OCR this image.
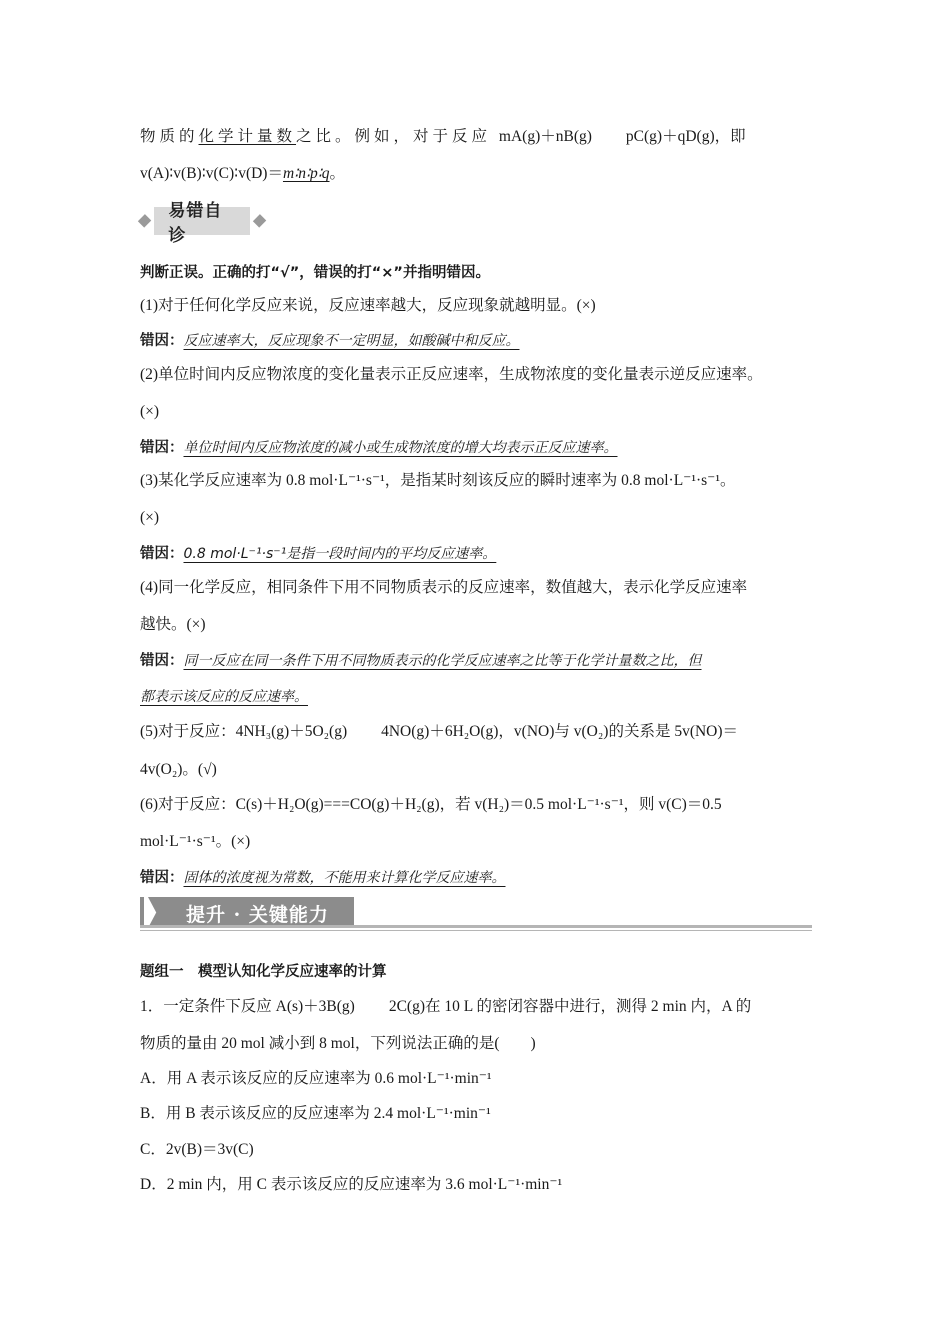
物质的化学计量数之比。例如，对于反应 mA(g)＋nB(g) pC(g)＋qD(g)，即
v(A)∶v(B)∶v(C)∶v(D)＝m∶n∶p∶q。
易错自诊
判断正误。正确的打“√”，错误的打“×”并指明错因。
(1)对于任何化学反应来说，反应速率越大，反应现象就越明显。(×)
错因：反应速率大，反应现象不一定明显，如酸碱中和反应。
(2)单位时间内反应物浓度的变化量表示正反应速率，生成物浓度的变化量表示逆反应速率。
(×)
错因：单位时间内反应物浓度的减小或生成物浓度的增大均表示正反应速率。
(3)某化学反应速率为 0.8 mol·L⁻¹·s⁻¹，是指某时刻该反应的瞬时速率为 0.8 mol·L⁻¹·s⁻¹。
(×)
错因：0.8 mol·L⁻¹·s⁻¹是指一段时间内的平均反应速率。
(4)同一化学反应，相同条件下用不同物质表示的反应速率，数值越大，表示化学反应速率
越快。(×)
错因：同一反应在同一条件下用不同物质表示的化学反应速率之比等于化学计量数之比，但
都表示该反应的反应速率。
(5)对于反应：4NH₃(g)＋5O₂(g) 4NO(g)＋6H₂O(g)，v(NO)与 v(O₂)的关系是 5v(NO)＝
4v(O₂)。(√)
(6)对于反应：C(s)＋H₂O(g)===CO(g)＋H₂(g)，若 v(H₂)＝0.5 mol·L⁻¹·s⁻¹，则 v(C)＝0.5
mol·L⁻¹·s⁻¹。(×)
错因：固体的浓度视为常数，不能用来计算化学反应速率。
提升 · 关键能力
题组一　模型认知化学反应速率的计算
1．一定条件下反应 A(s)＋3B(g) 2C(g)在 10 L 的密闭容器中进行，测得 2 min 内，A 的
物质的量由 20 mol 减小到 8 mol，下列说法正确的是(　　)
A．用 A 表示该反应的反应速率为 0.6 mol·L⁻¹·min⁻¹
B．用 B 表示该反应的反应速率为 2.4 mol·L⁻¹·min⁻¹
C．2v(B)＝3v(C)
D．2 min 内，用 C 表示该反应的反应速率为 3.6 mol·L⁻¹·min⁻¹
